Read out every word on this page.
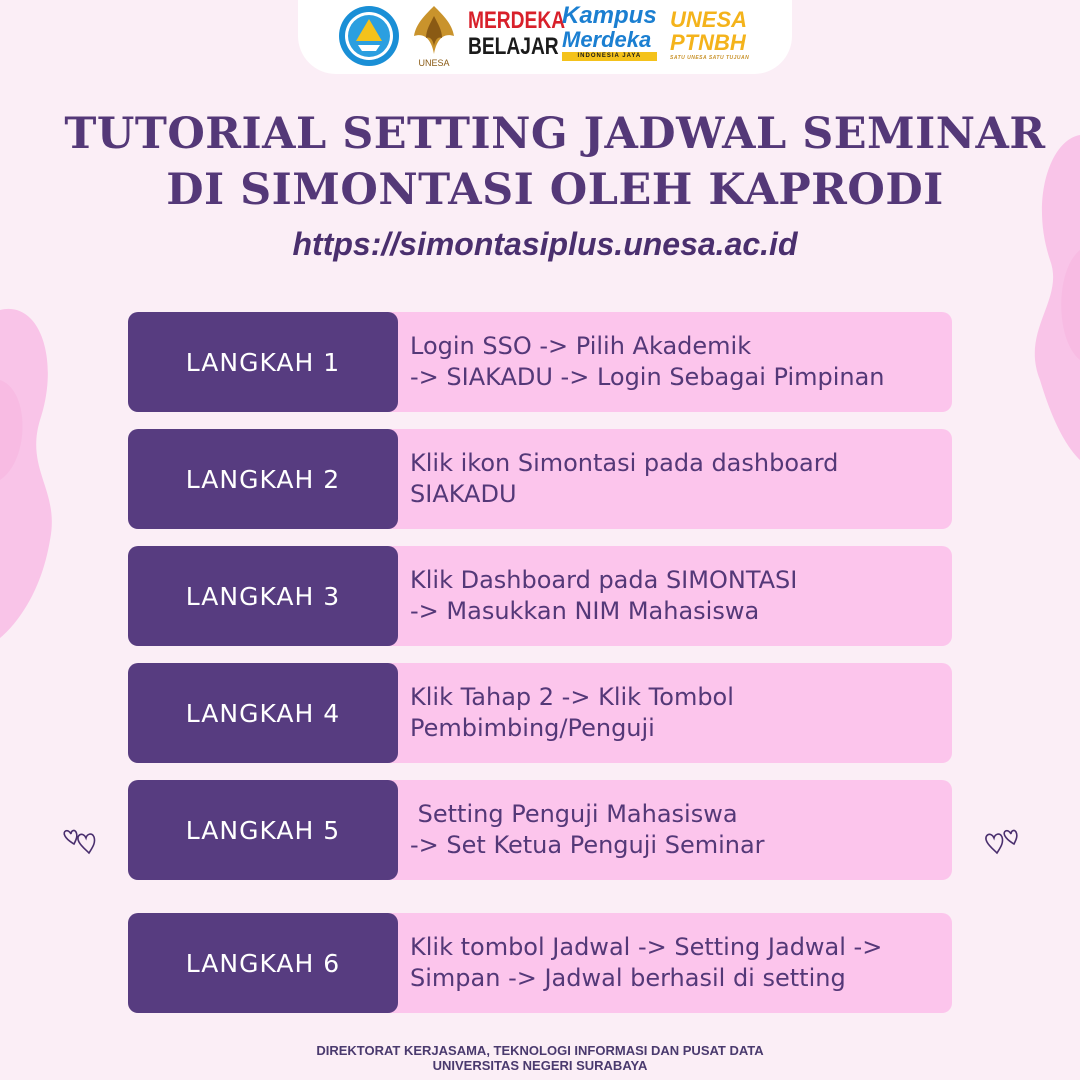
UNESA
MERDEKA
BELAJAR
Kampus
Merdeka
INDONESIA JAYA
UNESA
PTNBH
SATU UNESA SATU TUJUAN
TUTORIAL SETTING JADWAL SEMINAR
DI SIMONTASI OLEH KAPRODI
https://simontasiplus.unesa.ac.id
LANGKAH 1
Login SSO -> Pilih Akademik
-> SIAKADU -> Login Sebagai Pimpinan
LANGKAH 2
Klik ikon Simontasi pada dashboard
SIAKADU
LANGKAH 3
Klik Dashboard pada SIMONTASI
-> Masukkan NIM Mahasiswa
LANGKAH 4
Klik Tahap 2 -> Klik Tombol
Pembimbing/Penguji
LANGKAH 5
Setting Penguji Mahasiswa
-> Set Ketua Penguji Seminar
LANGKAH 6
Klik tombol Jadwal -> Setting Jadwal ->
Simpan -> Jadwal berhasil di setting
DIREKTORAT KERJASAMA, TEKNOLOGI INFORMASI DAN PUSAT DATA
UNIVERSITAS NEGERI SURABAYA
